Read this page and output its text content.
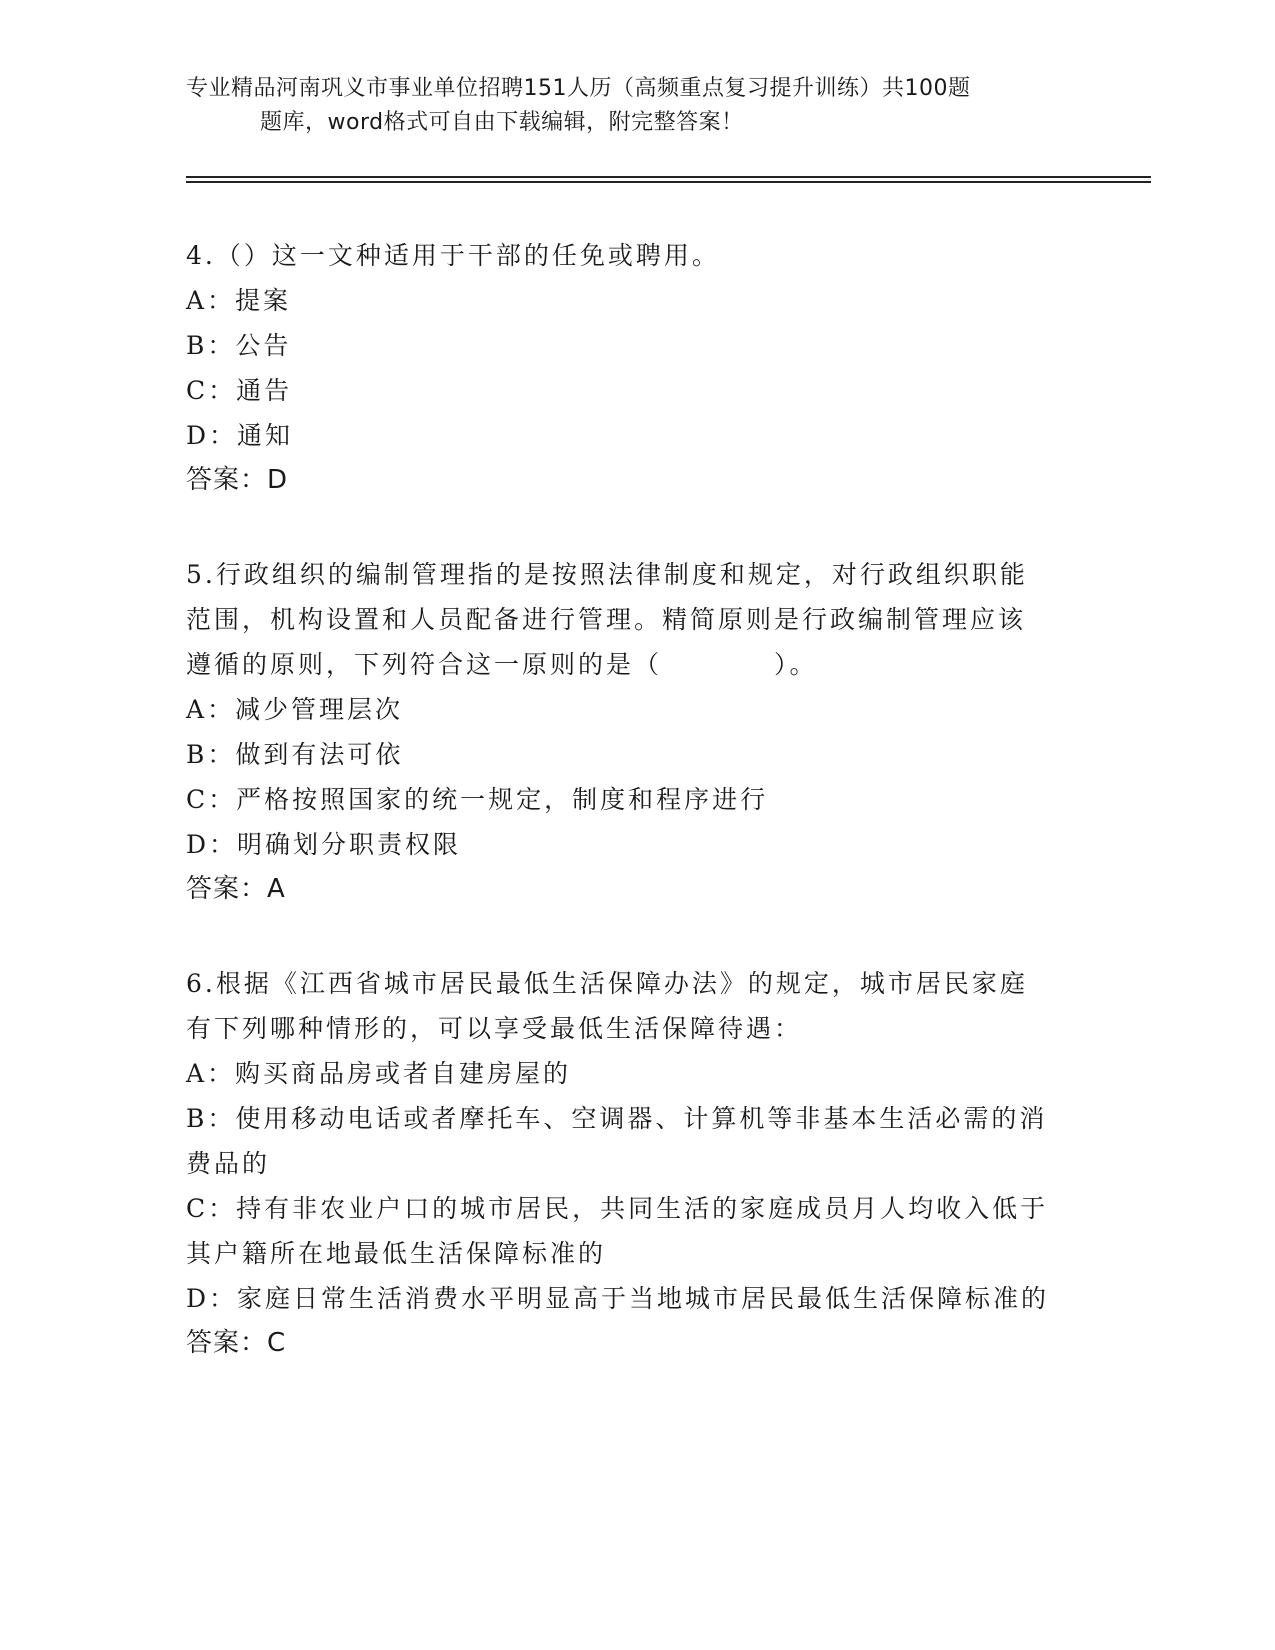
专业精品河南巩义市事业单位招聘151人历（高频重点复习提升训练）共100题
题库，word格式可自由下载编辑，附完整答案！

4.（）这一文种适用于干部的任免或聘用。

A：提案

B：公告

C：通告

D：通知

答案：D

5.行政组织的编制管理指的是按照法律制度和规定，对行政组织职能

范围，机构设置和人员配备进行管理。精简原则是行政编制管理应该

遵循的原则，下列符合这一原则的是（　　　　）。

A：减少管理层次

B：做到有法可依

C：严格按照国家的统一规定，制度和程序进行

D：明确划分职责权限

答案：A

6.根据《江西省城市居民最低生活保障办法》的规定，城市居民家庭

有下列哪种情形的，可以享受最低生活保障待遇：

A：购买商品房或者自建房屋的

B：使用移动电话或者摩托车、空调器、计算机等非基本生活必需的消

费品的

C：持有非农业户口的城市居民，共同生活的家庭成员月人均收入低于

其户籍所在地最低生活保障标准的

D：家庭日常生活消费水平明显高于当地城市居民最低生活保障标准的

答案：C
